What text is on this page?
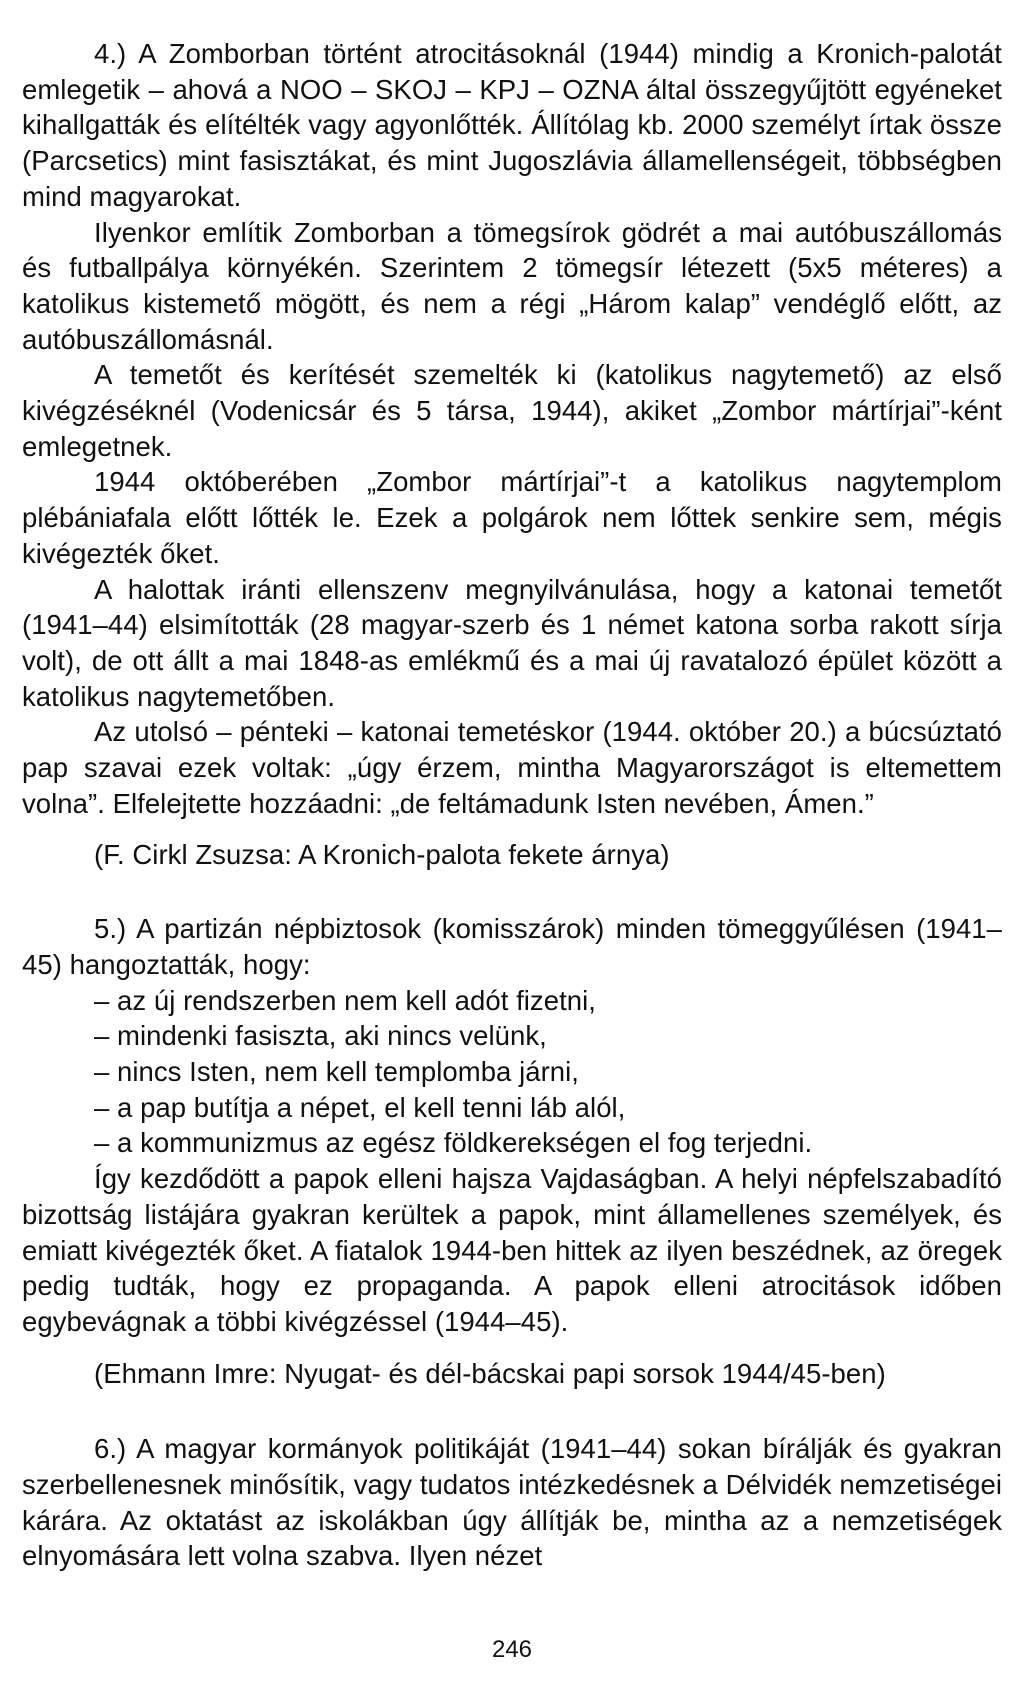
4.) A Zomborban történt atrocitásoknál (1944) mindig a Kronich-palotát emlegetik – ahová a NOO – SKOJ – KPJ – OZNA által összegyűjtött egyéneket kihallgatták és elítélték vagy agyonlőtték. Állítólag kb. 2000 személyt írtak össze (Parcsetics) mint fasisztákat, és mint Jugoszlávia államellenségeit, többségben mind magyarokat.

Ilyenkor említik Zomborban a tömegsírok gödrét a mai autóbuszállomás és futballpálya környékén. Szerintem 2 tömegsír létezett (5x5 méteres) a katolikus kistemető mögött, és nem a régi „Három kalap” vendéglő előtt, az autóbuszállomásnál.

A temetőt és kerítését szemelték ki (katolikus nagytemető) az első kivégzéséknél (Vodenicsár és 5 társa, 1944), akiket „Zombor mártírjai”-ként emlegetnek.

1944 októberében „Zombor mártírjai”-t a katolikus nagytemplom plébániafala előtt lőtték le. Ezek a polgárok nem lőttek senkire sem, mégis kivégezték őket.

A halottak iránti ellenszenv megnyilvánulása, hogy a katonai temetőt (1941–44) elsimították (28 magyar-szerb és 1 német katona sorba rakott sírja volt), de ott állt a mai 1848-as emlékmű és a mai új ravatalozó épület között a katolikus nagytemetőben.

Az utolsó – pénteki – katonai temetéskor (1944. október 20.) a búcsúztató pap szavai ezek voltak: „úgy érzem, mintha Magyarországot is eltemettem volna”. Elfelejtette hozzáadni: „de feltámadunk Isten nevében, Ámen.”

(F. Cirkl Zsuzsa: A Kronich-palota fekete árnya)

5.) A partizán népbiztosok (komisszárok) minden tömeggyűlésen (1941–45) hangoztatták, hogy:

– az új rendszerben nem kell adót fizetni,
– mindenki fasiszta, aki nincs velünk,
– nincs Isten, nem kell templomba járni,
– a pap butítja a népet, el kell tenni láb alól,
– a kommunizmus az egész földkerekségen el fog terjedni.

Így kezdődött a papok elleni hajsza Vajdaságban. A helyi népfelszabadító bizottság listájára gyakran kerültek a papok, mint államellenes személyek, és emiatt kivégezték őket. A fiatalok 1944-ben hittek az ilyen beszédnek, az öregek pedig tudták, hogy ez propaganda. A papok elleni atrocitások időben egybevágnak a többi kivégzéssel (1944–45).

(Ehmann Imre: Nyugat- és dél-bácskai papi sorsok 1944/45-ben)

6.) A magyar kormányok politikáját (1941–44) sokan bírálják és gyakran szerbellenesnek minősítik, vagy tudatos intézkedésnek a Délvidék nemzetiségei kárára. Az oktatást az iskolákban úgy állítják be, mintha az a nemzetiségek elnyomására lett volna szabva. Ilyen nézet

246
